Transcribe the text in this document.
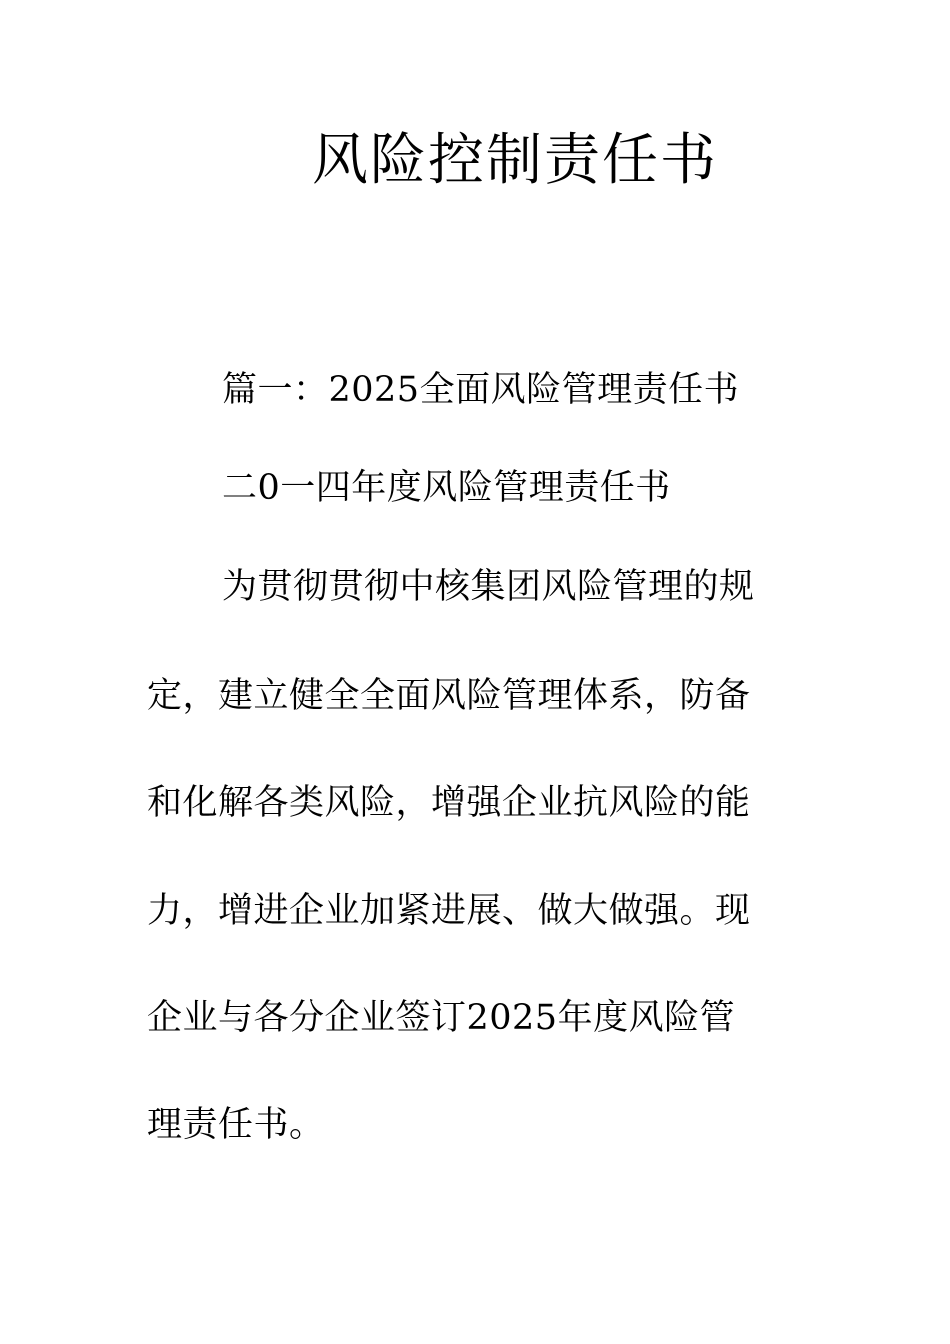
风险控制责任书
篇一：2025全面风险管理责任书
二0一四年度风险管理责任书
为贯彻贯彻中核集团风险管理的规
定，建立健全全面风险管理体系，防备
和化解各类风险，增强企业抗风险的能
力，增进企业加紧进展、做大做强。现
企业与各分企业签订2025年度风险管
理责任书。
